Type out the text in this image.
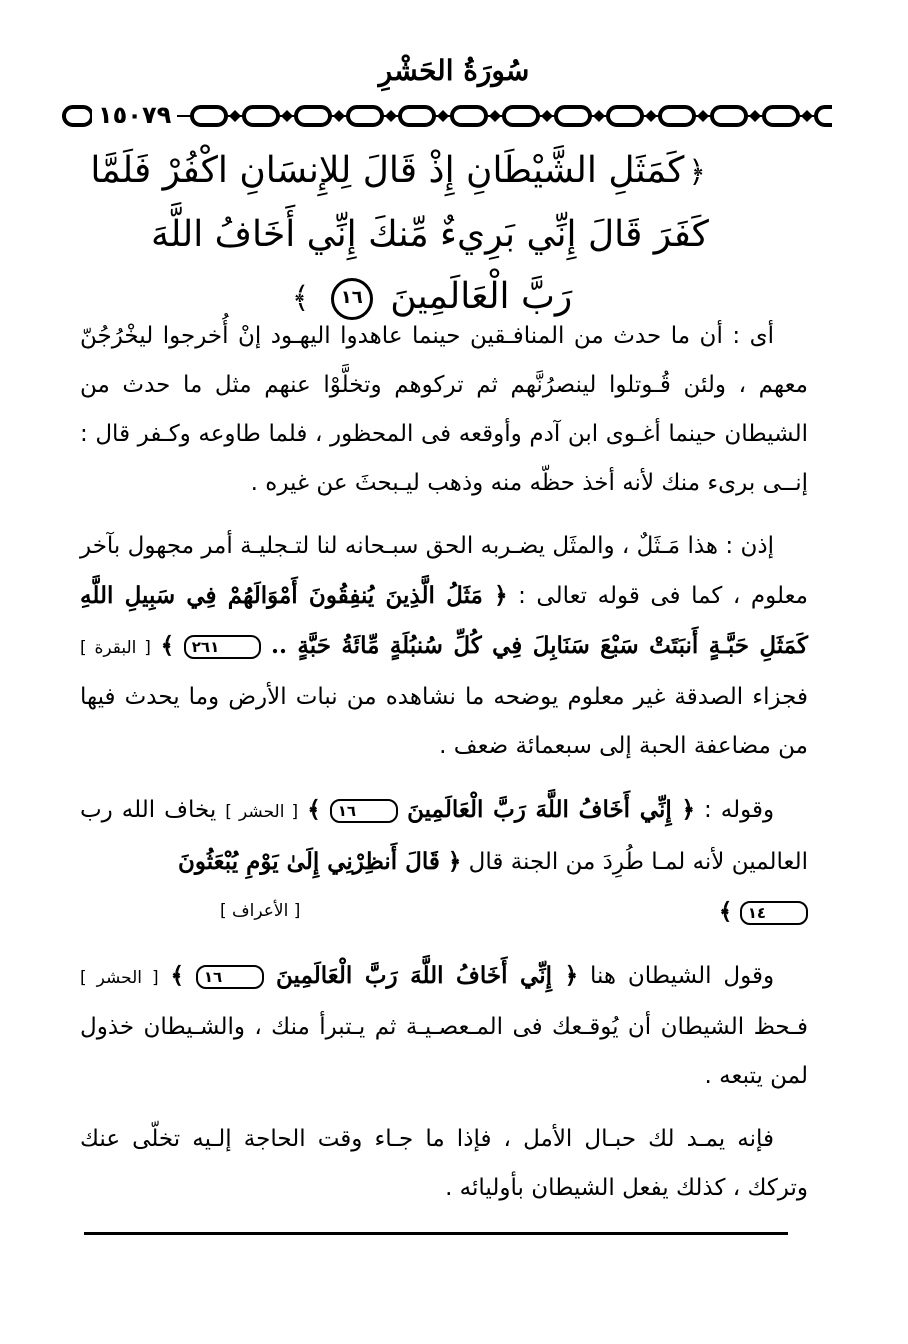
سُورَةُ الحَشْرِ
١٥٠٧٩
﴿كَمَثَلِ الشَّيْطَانِ إِذْ قَالَ لِلإِنسَانِ اكْفُرْ فَلَمَّا
كَفَرَ قَالَ إِنِّي بَرِيءٌ مِّنكَ إِنِّي أَخَافُ اللَّهَ
رَبَّ الْعَالَمِينَ ١٦ ﴾

أى : أن ما حدث من المنافـقين حينما عاهدوا اليهـود إنْ أُخرجوا ليخْرُجُنّ معهم ، ولئن قُـوتلوا لينصرُنَّهم ثم تركوهم وتخلَّوْا عنهم مثل ما حدث من الشيطان حينما أغـوى ابن آدم وأوقعه فى المحظور ، فلما طاوعه وكـفر قال : إنــى برىء منك لأنه أخذ حظّه منه وذهب ليـبحثَ عن غيره .

إذن : هذا مَـثَلٌ ، والمثَل يضـربه الحق سبـحانه لنا لتـجليـة أمر مجهول بآخر معلوم ، كما فى قوله تعالى : ﴿ مَثَلُ الَّذِينَ يُنفِقُونَ أَمْوَالَهُمْ فِي سَبِيلِ اللَّهِ كَمَثَلِ حَبَّـةٍ أَنبَتَتْ سَبْعَ سَنَابِلَ فِي كُلِّ سُنبُلَةٍ مِّائَةُ حَبَّةٍ .. ٢٦١ ﴾ [ البقرة ] فجزاء الصدقة غير معلوم يوضحه ما نشاهده من نبات الأرض وما يحدث فيها من مضاعفة الحبة إلى سبعمائة ضعف .

وقوله : ﴿ إِنِّي أَخَافُ اللَّهَ رَبَّ الْعَالَمِينَ ١٦ ﴾ [ الحشر ] يخاف الله رب العالمين لأنه لمـا طُرِدَ من الجنة قال ﴿ قَالَ أَنظِرْنِي إِلَىٰ يَوْمِ يُبْعَثُونَ
١٤ ﴾
[ الأعراف ]

وقول الشيطان هنا ﴿ إِنِّي أَخَافُ اللَّهَ رَبَّ الْعَالَمِينَ ١٦ ﴾ [ الحشر ] فـحظ الشيطان أن يُوقـعك فى المـعصـيـة ثم يـتبرأ منك ، والشـيطان خذول لمن يتبعه .

فإنه يمـد لك حبـال الأمل ، فإذا ما جـاء وقت الحاجة إلـيه تخلّى عنك وتركك ، كذلك يفعل الشيطان بأوليائه .
